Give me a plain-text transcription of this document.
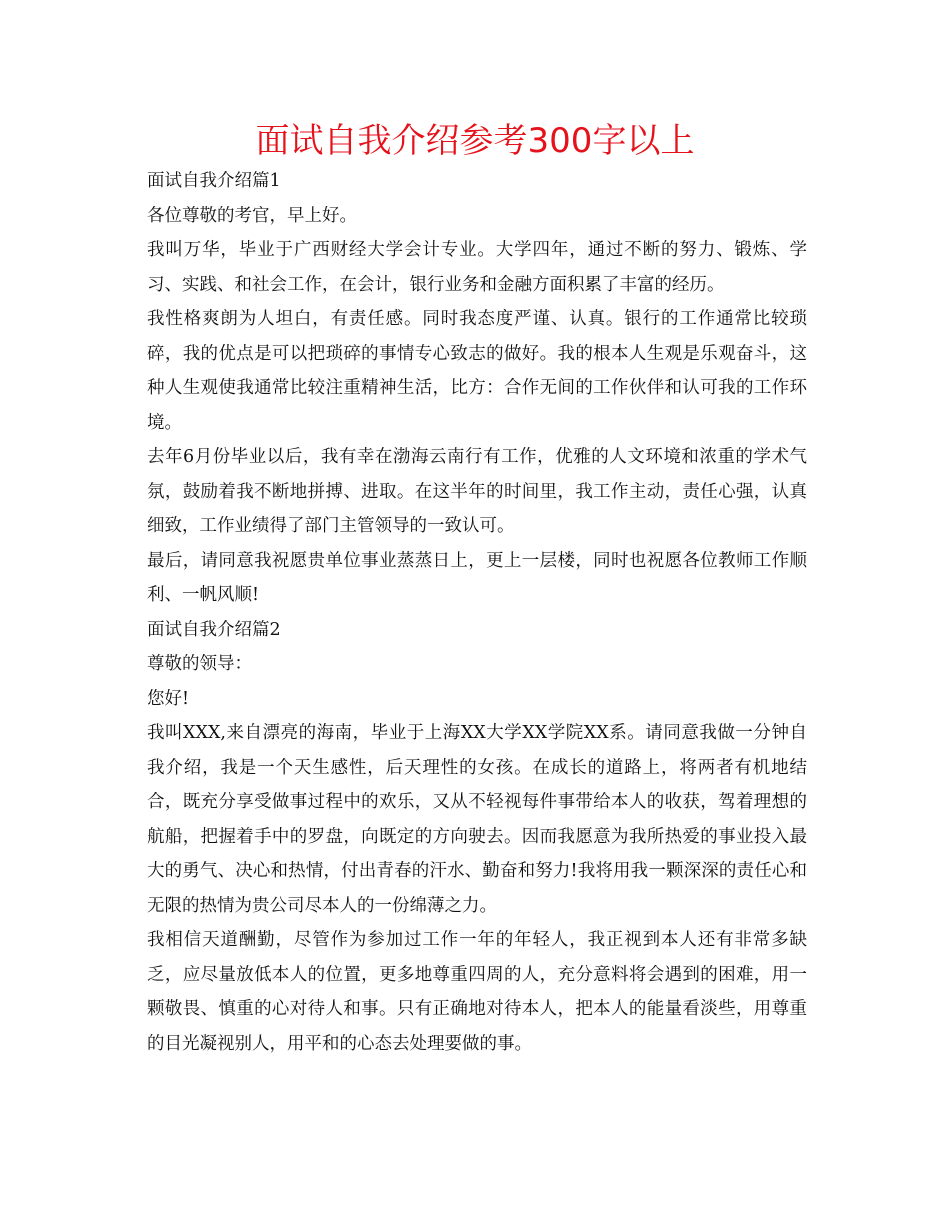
面试自我介绍参考300字以上

面试自我介绍篇1

各位尊敬的考官，早上好。

我叫万华，毕业于广西财经大学会计专业。大学四年，通过不断的努力、锻炼、学习、实践、和社会工作，在会计，银行业务和金融方面积累了丰富的经历。

我性格爽朗为人坦白，有责任感。同时我态度严谨、认真。银行的工作通常比较琐碎，我的优点是可以把琐碎的事情专心致志的做好。我的根本人生观是乐观奋斗，这种人生观使我通常比较注重精神生活，比方：合作无间的工作伙伴和认可我的工作环境。

去年6月份毕业以后，我有幸在渤海云南行有工作，优雅的人文环境和浓重的学术气氛，鼓励着我不断地拼搏、进取。在这半年的时间里，我工作主动，责任心强，认真细致，工作业绩得了部门主管领导的一致认可。

最后，请同意我祝愿贵单位事业蒸蒸日上，更上一层楼，同时也祝愿各位教师工作顺利、一帆风顺!

面试自我介绍篇2

尊敬的领导：

您好!

我叫XXX,来自漂亮的海南，毕业于上海XX大学XX学院XX系。请同意我做一分钟自我介绍，我是一个天生感性，后天理性的女孩。在成长的道路上，将两者有机地结合，既充分享受做事过程中的欢乐，又从不轻视每件事带给本人的收获，驾着理想的航船，把握着手中的罗盘，向既定的方向驶去。因而我愿意为我所热爱的事业投入最大的勇气、决心和热情，付出青春的汗水、勤奋和努力!我将用我一颗深深的责任心和无限的热情为贵公司尽本人的一份绵薄之力。

我相信天道酬勤，尽管作为参加过工作一年的年轻人，我正视到本人还有非常多缺乏，应尽量放低本人的位置，更多地尊重四周的人，充分意料将会遇到的困难，用一颗敬畏、慎重的心对待人和事。只有正确地对待本人，把本人的能量看淡些，用尊重的目光凝视别人，用平和的心态去处理要做的事。
